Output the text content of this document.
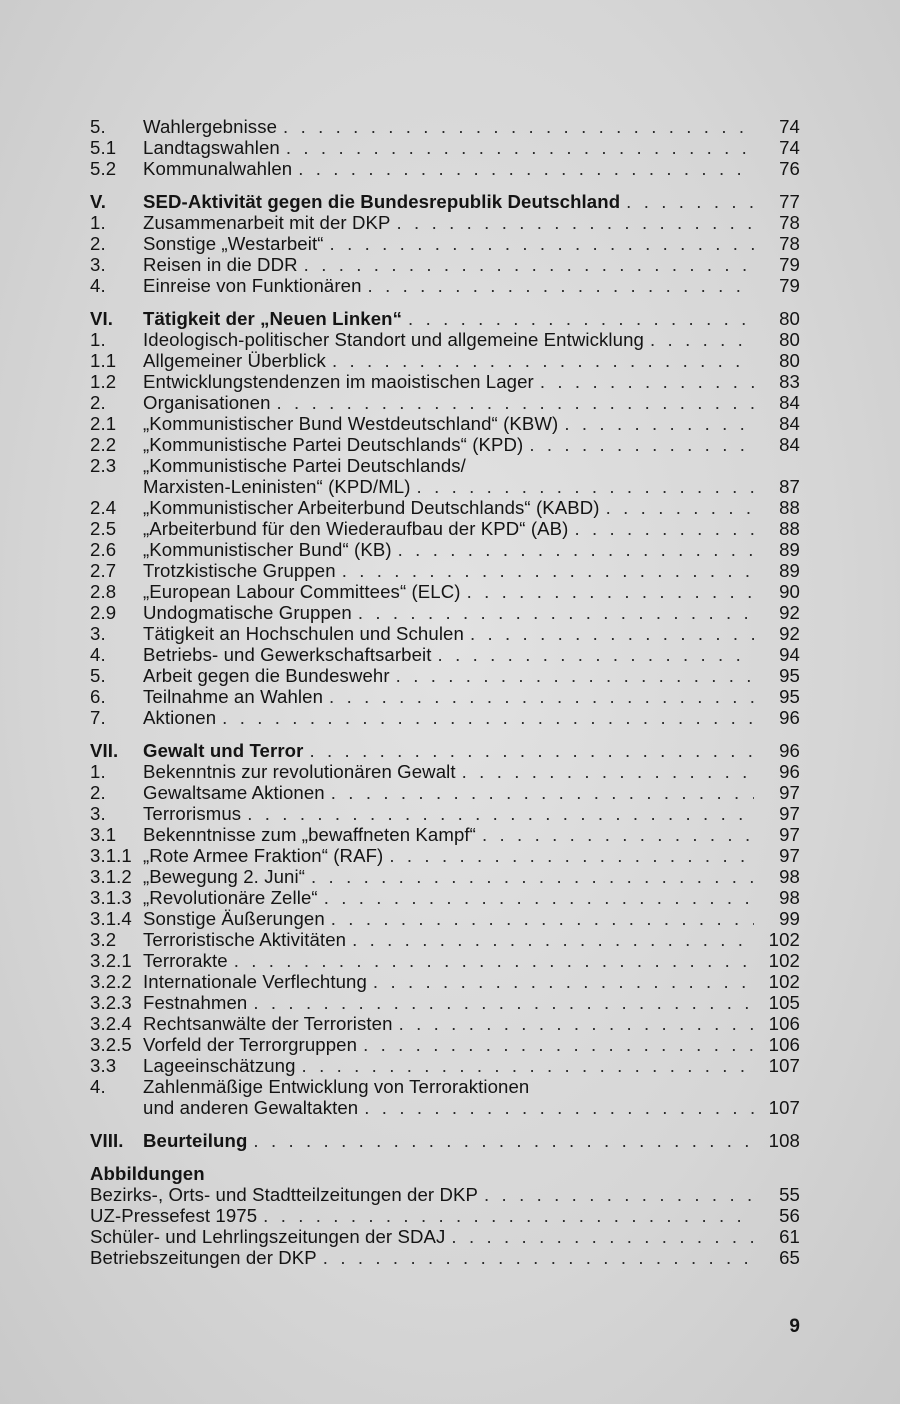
5.	Wahlergebnisse . . .	74
5.1	Landtagswahlen . . .	74
5.2	Kommunalwahlen . . .	76
V.	SED-Aktivität gegen die Bundesrepublik Deutschland . . .	77
1.	Zusammenarbeit mit der DKP . . .	78
2.	Sonstige „Westarbeit“ . . .	78
3.	Reisen in die DDR . . .	79
4.	Einreise von Funktionären . . .	79
VI.	Tätigkeit der „Neuen Linken“ . . .	80
1.	Ideologisch-politischer Standort und allgemeine Entwicklung . . .	80
1.1	Allgemeiner Überblick . . .	80
1.2	Entwicklungstendenzen im maoistischen Lager . . .	83
2.	Organisationen . . .	84
2.1	„Kommunistischer Bund Westdeutschland“ (KBW) . . .	84
2.2	„Kommunistische Partei Deutschlands“ (KPD) . . .	84
2.3	„Kommunistische Partei Deutschlands/
Marxisten-Leninisten“ (KPD/ML) . . .	87
2.4	„Kommunistischer Arbeiterbund Deutschlands“ (KABD) . . .	88
2.5	„Arbeiterbund für den Wiederaufbau der KPD“ (AB) . . .	88
2.6	„Kommunistischer Bund“ (KB) . . .	89
2.7	Trotzkistische Gruppen . . .	89
2.8	„European Labour Committees“ (ELC) . . .	90
2.9	Undogmatische Gruppen . . .	92
3.	Tätigkeit an Hochschulen und Schulen . . .	92
4.	Betriebs- und Gewerkschaftsarbeit . . .	94
5.	Arbeit gegen die Bundeswehr . . .	95
6.	Teilnahme an Wahlen . . .	95
7.	Aktionen . . .	96
VII.	Gewalt und Terror . . .	96
1.	Bekenntnis zur revolutionären Gewalt . . .	96
2.	Gewaltsame Aktionen . . .	97
3.	Terrorismus . . .	97
3.1	Bekenntnisse zum „bewaffneten Kampf“ . . .	97
3.1.1 „Rote Armee Fraktion“ (RAF) . . .	97
3.1.2 „Bewegung 2. Juni“ . . .	98
3.1.3 „Revolutionäre Zelle“ . . .	98
3.1.4 Sonstige Äußerungen . . .	99
3.2	Terroristische Aktivitäten . . .	102
3.2.1 Terrorakte . . .	102
3.2.2 Internationale Verflechtung . . .	102
3.2.3 Festnahmen . . .	105
3.2.4 Rechtsanwälte der Terroristen . . .	106
3.2.5 Vorfeld der Terrorgruppen . . .	106
3.3	Lageeinschätzung . . .	107
4.	Zahlenmäßige Entwicklung von Terroraktionen
und anderen Gewaltakten . . .	107
VIII.	Beurteilung . . .	108
Abbildungen
Bezirks-, Orts- und Stadtteilzeitungen der DKP . . .	55
UZ-Pressefest 1975 . . .	56
Schüler- und Lehrlingszeitungen der SDAJ . . .	61
Betriebszeitungen der DKP . . .	65
9
